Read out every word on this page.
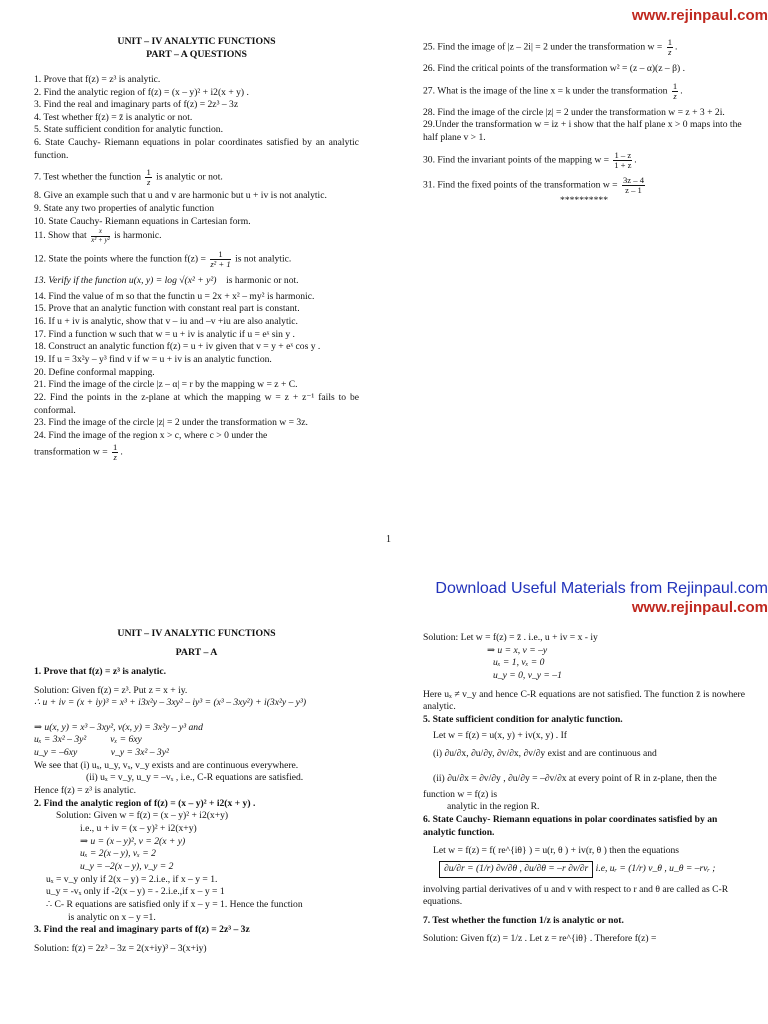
www.rejinpaul.com
UNIT – IV ANALYTIC FUNCTIONS
PART – A QUESTIONS
1. Prove that f(z) = z³ is analytic.
2. Find the analytic region of f(z) = (x – y)² + i2(x + y) .
3. Find the real and imaginary parts of f(z) = 2z³ – 3z
4. Test whether f(z) = z̄ is analytic or not.
5. State sufficient condition for analytic function.
6. State Cauchy- Riemann equations in polar coordinates satisfied by an analytic function.
7. Test whether the function $\frac{1}{z}$ is analytic or not.
8. Give an example such that u and v are harmonic but u + iv is not analytic.
9. State any two properties of analytic function
10. State Cauchy- Riemann equations in Cartesian form.
11. Show that $\frac{x}{\text{x² + y²}}$ is harmonic.
12. State the points where the function $f(z) = \frac{1}{\text{z² + 1}}$ is not analytic.
13. Verify if the function u(x, y) = log √(x² + y²) is harmonic or not.
14. Find the value of m so that the functin u = 2x + x² – my² is harmonic.
15. Prove that an analytic function with constant real part is constant.
16. If u + iv is analytic, show that v – iu and –v +iu are also analytic.
17. Find a function w such that w = u + iv is analytic if u = eˣ sin y .
18. Construct an analytic function f(z) = u + iv given that v = y + eˣ cos y .
19. If u = 3x²y – y³ find v if w = u + iv is an analytic function.
20. Define conformal mapping.
21. Find the image of the circle |z – α| = r by the mapping w = z + C.
22. Find the points in the z-plane at which the mapping w = z + z⁻¹ fails to be conformal.
23. Find the image of the circle |z| = 2 under the transformation w = 3z.
24. Find the image of the region x > c, where c > 0 under the
transformation $w = \frac{1}{z}$ .
25. Find the image of |z – 2i| = 2 under the transformation $w = \frac{1}{z}$ .
26. Find the critical points of the transformation w² = (z – α)(z – β) .
27. What is the image of the line x = k under the transformation $\frac{1}{z}$ .
28. Find the image of the circle |z| = 2 under the transformation w = z + 3 + 2i.
29.Under the transformation w = iz + i show that the half plane x > 0 maps into the half plane v > 1.
30. Find the invariant points of the mapping $w = \frac{1 - z}{1 + z}$ .
31. Find the fixed points of the transformation $w = \frac{3z - 4}{z - 1}$
**********
1
Download Useful Materials from Rejinpaul.com
www.rejinpaul.com
UNIT – IV ANALYTIC FUNCTIONS
PART – A
1. Prove that f(z) = z³ is analytic.
Solution: Given f(z) = z³. Put z = x + iy.
∴ u + iv = (x + iy)³ = x³ + i3x²y – 3xy² – iy³ = (x³ – 3xy²) + i(3x²y – y³)
⇒ u(x, y) = x³ – 3xy², v(x, y) = 3x²y – y³ and
uₓ = 3x² – 3y²          vₓ = 6xy
u_y = –6xy              v_y = 3x² – 3y²
We see that (i) uₓ, u_y, vₓ, v_y exists and are continuous everywhere.
(ii) uₓ = v_y, u_y = –vₓ , i.e., C-R equations are satisfied.
Hence f(z) = z³ is analytic.
2. Find the analytic region of f(z) = (x – y)² + i2(x + y) .
Solution: Given w = f(z) = (x – y)² + i2(x+y)
i.e., u + iv = (x – y)² + i2(x+y)
⇒ u = (x – y)², v = 2(x + y)
uₓ = 2(x – y), vₓ = 2
u_y = –2(x – y), v_y = 2
uₓ = v_y only if 2(x – y) = 2.i.e., if x – y = 1.
u_y = -vₓ only if -2(x – y) = - 2.i.e.,if x – y = 1
∴ C- R equations are satisfied only if x – y = 1. Hence the function
is analytic on x – y =1.
3. Find the real and imaginary parts of f(z) = 2z³ – 3z
Solution: f(z) = 2z³ – 3z = 2(x+iy)³ – 3(x+iy)
Solution: Let w = f(z) = z̄ . i.e., u + iv = x - iy
⇒ u = x, v = –y
uₓ = 1, vₓ = 0
u_y = 0, v_y = –1
Here uₓ ≠ v_y and hence C-R equations are not satisfied. The function z̄ is nowhere analytic.
5. State sufficient condition for analytic function.
Let w = f(z) = u(x, y) + iv(x, y) . If
(i) ∂u/∂x, ∂u/∂y, ∂v/∂x, ∂v/∂y exist and are continuous and
(ii) ∂u/∂x = ∂v/∂y , ∂u/∂y = –∂v/∂x at every point of R in z-plane, then the
function w = f(z) is
analytic in the region R.
6. State Cauchy- Riemann equations in polar coordinates satisfied by an analytic function.
Let w = f(z) = f( re^{iθ} ) = u(r, θ ) + iv(r, θ ) then the equations
∂u/∂r = (1/r) ∂v/∂θ , ∂u/∂θ = –r ∂v/∂r i.e, uᵣ = (1/r) v_θ , u_θ = –rvᵣ ;
involving partial derivatives of u and v with respect to r and θ are called as C-R equations.
7. Test whether the function 1/z is analytic or not.
Solution: Given f(z) = 1/z . Let z = re^{iθ} . Therefore f(z) =
